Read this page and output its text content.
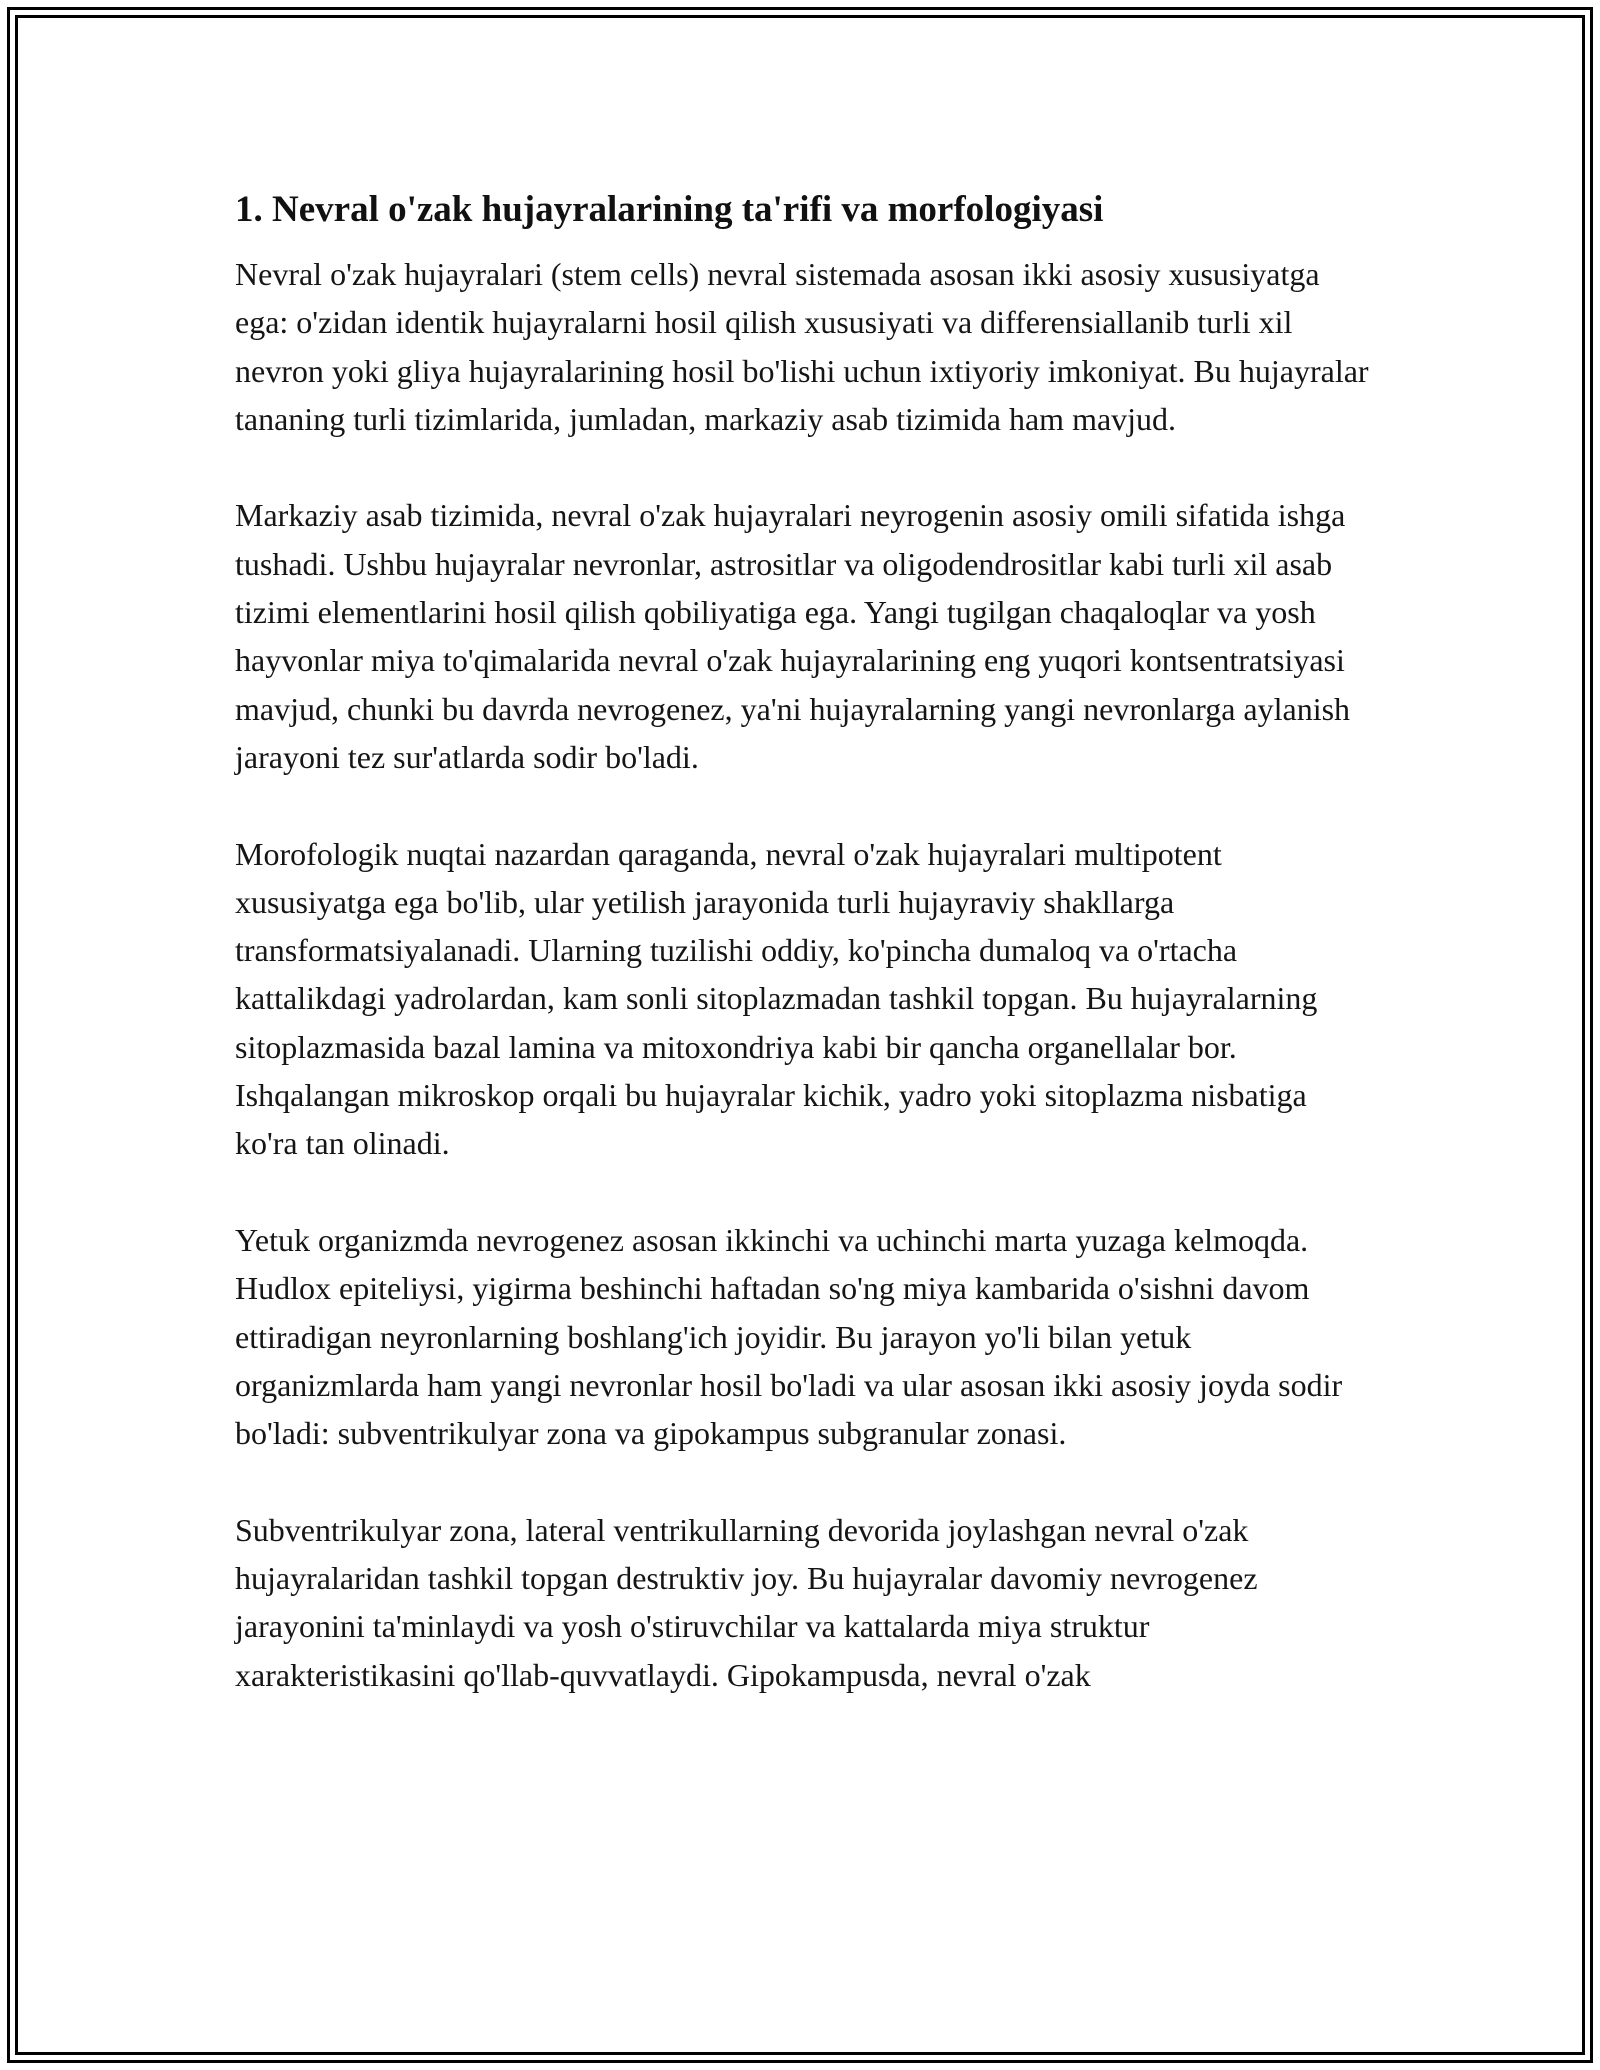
1. Nevral o'zak hujayralarining ta'rifi va morfologiyasi

Nevral o'zak hujayralari (stem cells) nevral sistemada asosan ikki asosiy xususiyatga ega: o'zidan identik hujayralarni hosil qilish xususiyati va differensiallanib turli xil nevron yoki gliya hujayralarining hosil bo'lishi uchun ixtiyoriy imkoniyat. Bu hujayralar tananing turli tizimlarida, jumladan, markaziy asab tizimida ham mavjud.

Markaziy asab tizimida, nevral o'zak hujayralari neyrogenin asosiy omili sifatida ishga tushadi. Ushbu hujayralar nevronlar, astrositlar va oligodendrositlar kabi turli xil asab tizimi elementlarini hosil qilish qobiliyatiga ega. Yangi tugilgan chaqaloqlar va yosh hayvonlar miya to'qimalarida nevral o'zak hujayralarining eng yuqori kontsentratsiyasi mavjud, chunki bu davrda nevrogenez, ya'ni hujayralarning yangi nevronlarga aylanish jarayoni tez sur'atlarda sodir bo'ladi.

Morofologik nuqtai nazardan qaraganda, nevral o'zak hujayralari multipotent xususiyatga ega bo'lib, ular yetilish jarayonida turli hujayraviy shakllarga transformatsiyalanadi. Ularning tuzilishi oddiy, ko'pincha dumaloq va o'rtacha kattalikdagi yadrolardan, kam sonli sitoplazmadan tashkil topgan. Bu hujayralarning sitoplazmasida bazal lamina va mitoxondriya kabi bir qancha organellalar bor. Ishqalangan mikroskop orqali bu hujayralar kichik, yadro yoki sitoplazma nisbatiga ko'ra tan olinadi.

Yetuk organizmda nevrogenez asosan ikkinchi va uchinchi marta yuzaga kelmoqda. Hudlox epiteliysi, yigirma beshinchi haftadan so'ng miya kambarida o'sishni davom ettiradigan neyronlarning boshlang'ich joyidir. Bu jarayon yo'li bilan yetuk organizmlarda ham yangi nevronlar hosil bo'ladi va ular asosan ikki asosiy joyda sodir bo'ladi: subventrikulyar zona va gipokampus subgranular zonasi.

Subventrikulyar zona, lateral ventrikullarning devorida joylashgan nevral o'zak hujayralaridan tashkil topgan destruktiv joy. Bu hujayralar davomiy nevrogenez jarayonini ta'minlaydi va yosh o'stiruvchilar va kattalarda miya struktur xarakteristikasini qo'llab-quvvatlaydi. Gipokampusda, nevral o'zak
